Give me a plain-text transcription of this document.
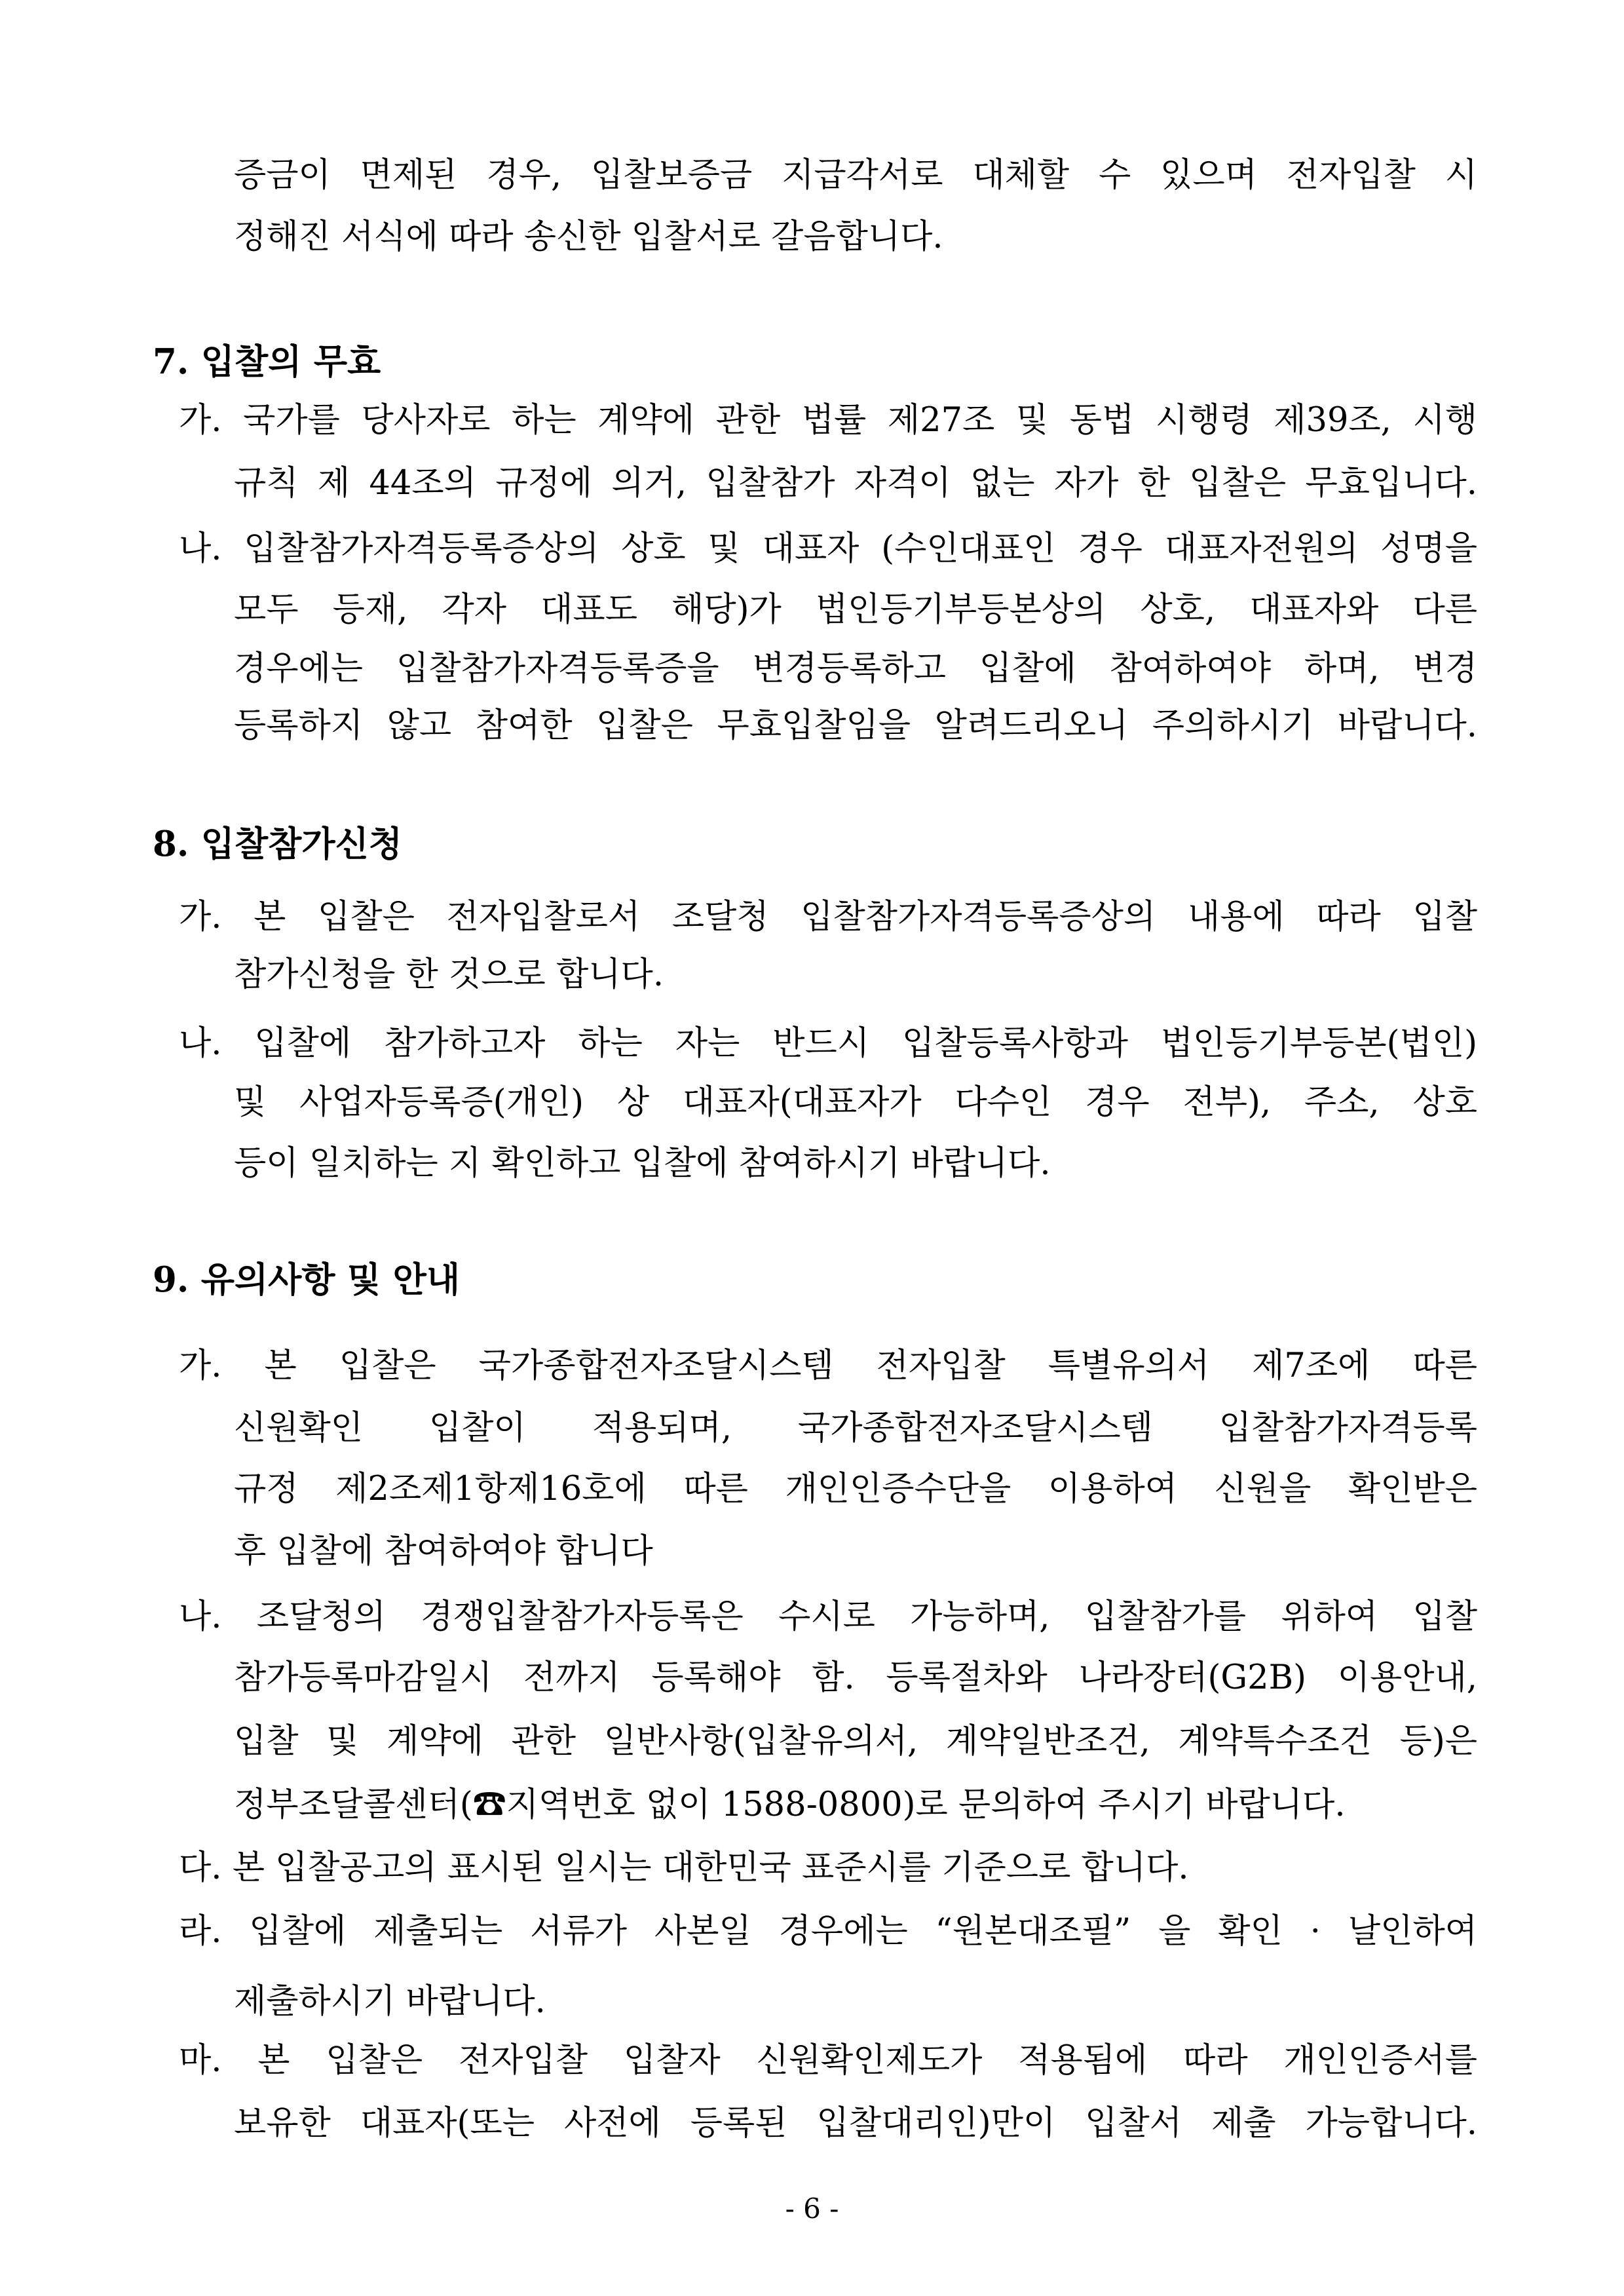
증금이 면제된 경우, 입찰보증금 지급각서로 대체할 수 있으며 전자입찰 시
정해진 서식에 따라 송신한 입찰서로 갈음합니다.
7. 입찰의 무효
가. 국가를 당사자로 하는 계약에 관한 법률 제27조 및 동법 시행령 제39조, 시행
규칙 제 44조의 규정에 의거, 입찰참가 자격이 없는 자가 한 입찰은 무효입니다.
나. 입찰참가자격등록증상의 상호 및 대표자 (수인대표인 경우 대표자전원의 성명을
모두 등재, 각자 대표도 해당)가 법인등기부등본상의 상호, 대표자와 다른
경우에는 입찰참가자격등록증을 변경등록하고 입찰에 참여하여야 하며, 변경
등록하지 않고 참여한 입찰은 무효입찰임을 알려드리오니 주의하시기 바랍니다.
8. 입찰참가신청
가. 본 입찰은 전자입찰로서 조달청 입찰참가자격등록증상의 내용에 따라 입찰
참가신청을 한 것으로 합니다.
나. 입찰에 참가하고자 하는 자는 반드시 입찰등록사항과 법인등기부등본(법인)
및 사업자등록증(개인) 상 대표자(대표자가 다수인 경우 전부), 주소, 상호
등이 일치하는 지 확인하고 입찰에 참여하시기 바랍니다.
9. 유의사항 및 안내
가. 본 입찰은 국가종합전자조달시스템 전자입찰 특별유의서 제7조에 따른
신원확인 입찰이 적용되며, 국가종합전자조달시스템 입찰참가자격등록
규정 제2조제1항제16호에 따른 개인인증수단을 이용하여 신원을 확인받은
후 입찰에 참여하여야 합니다
나. 조달청의 경쟁입찰참가자등록은 수시로 가능하며, 입찰참가를 위하여 입찰
참가등록마감일시 전까지 등록해야 함. 등록절차와 나라장터(G2B) 이용안내,
입찰 및 계약에 관한 일반사항(입찰유의서, 계약일반조건, 계약특수조건 등)은
정부조달콜센터(☎지역번호 없이 1588-0800)로 문의하여 주시기 바랍니다.
다. 본 입찰공고의 표시된 일시는 대한민국 표준시를 기준으로 합니다.
라. 입찰에 제출되는 서류가 사본일 경우에는 “원본대조필” 을 확인 · 날인하여
제출하시기 바랍니다.
마. 본 입찰은 전자입찰 입찰자 신원확인제도가 적용됨에 따라 개인인증서를
보유한 대표자(또는 사전에 등록된 입찰대리인)만이 입찰서 제출 가능합니다.
- 6 -
